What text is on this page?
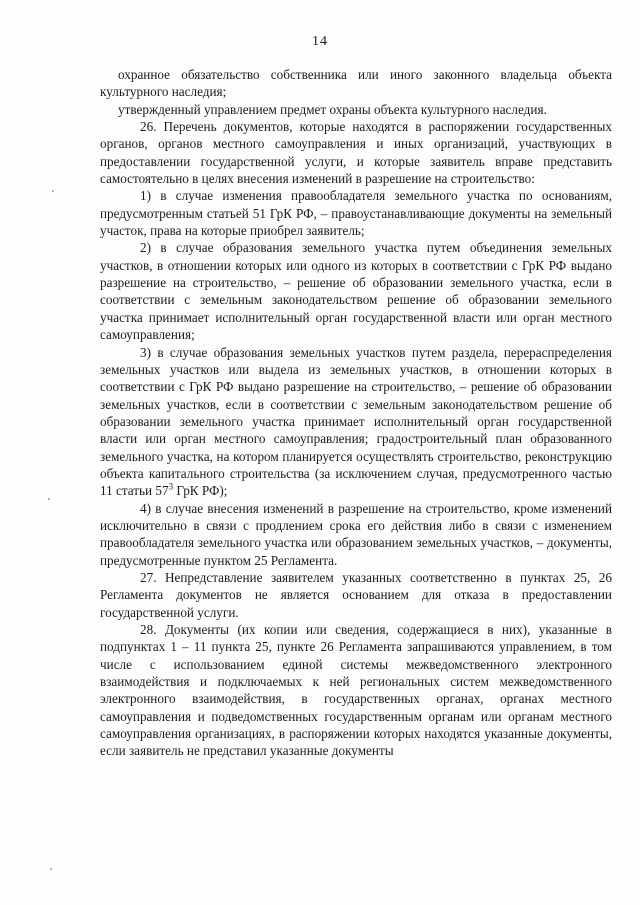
14

охранное обязательство собственника или иного законного владельца объекта культурного наследия;

утвержденный управлением предмет охраны объекта культурного наследия.

26. Перечень документов, которые находятся в распоряжении государственных органов, органов местного самоуправления и иных организаций, участвующих в предоставлении государственной услуги, и которые заявитель вправе представить самостоятельно в целях внесения изменений в разрешение на строительство:

1) в случае изменения правообладателя земельного участка по основаниям, предусмотренным статьей 51 ГрК РФ, – правоустанавливающие документы на земельный участок, права на которые приобрел заявитель;

2) в случае образования земельного участка путем объединения земельных участков, в отношении которых или одного из которых в соответствии с ГрК РФ выдано разрешение на строительство, – решение об образовании земельного участка, если в соответствии с земельным законодательством решение об образовании земельного участка принимает исполнительный орган государственной власти или орган местного самоуправления;

3) в случае образования земельных участков путем раздела, перераспределения земельных участков или выдела из земельных участков, в отношении которых в соответствии с ГрК РФ выдано разрешение на строительство, – решение об образовании земельных участков, если в соответствии с земельным законодательством решение об образовании земельного участка принимает исполнительный орган государственной власти или орган местного самоуправления; градостроительный план образованного земельного участка, на котором планируется осуществлять строительство, реконструкцию объекта капитального строительства (за исключением случая, предусмотренного частью 11 статьи $57^3$ ГрК РФ);

4) в случае внесения изменений в разрешение на строительство, кроме изменений исключительно в связи с продлением срока его действия либо в связи с изменением правообладателя земельного участка или образованием земельных участков, – документы, предусмотренные пунктом 25 Регламента.

27. Непредставление заявителем указанных соответственно в пунктах 25, 26 Регламента документов не является основанием для отказа в предоставлении государственной услуги.

28. Документы (их копии или сведения, содержащиеся в них), указанные в подпунктах 1 – 11 пункта 25, пункте 26 Регламента запрашиваются управлением, в том числе с использованием единой системы межведомственного электронного взаимодействия и подключаемых к ней региональных систем межведомственного электронного взаимодействия, в государственных органах, органах местного самоуправления и подведомственных государственным органам или органам местного самоуправления организациях, в распоряжении которых находятся указанные документы, если заявитель не представил указанные документы
